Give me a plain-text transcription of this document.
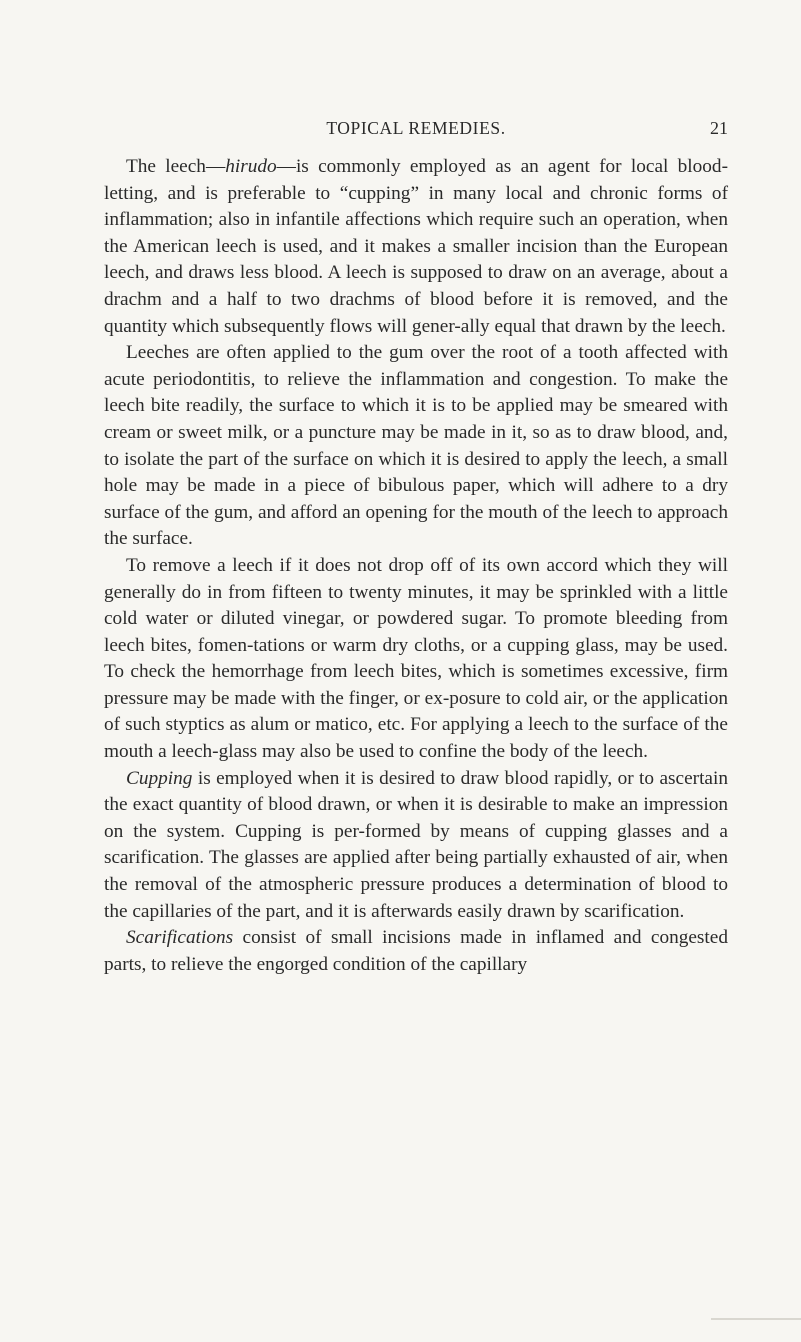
TOPICAL REMEDIES.	21

The leech—hirudo—is commonly employed as an agent for local blood-letting, and is preferable to “cupping” in many local and chronic forms of inflammation; also in infantile affections which require such an operation, when the American leech is used, and it makes a smaller incision than the European leech, and draws less blood. A leech is supposed to draw on an average, about a drachm and a half to two drachms of blood before it is removed, and the quantity which subsequently flows will gener-ally equal that drawn by the leech.

Leeches are often applied to the gum over the root of a tooth affected with acute periodontitis, to relieve the inflammation and congestion. To make the leech bite readily, the surface to which it is to be applied may be smeared with cream or sweet milk, or a puncture may be made in it, so as to draw blood, and, to isolate the part of the surface on which it is desired to apply the leech, a small hole may be made in a piece of bibulous paper, which will adhere to a dry surface of the gum, and afford an opening for the mouth of the leech to approach the surface.

To remove a leech if it does not drop off of its own accord which they will generally do in from fifteen to twenty minutes, it may be sprinkled with a little cold water or diluted vinegar, or powdered sugar. To promote bleeding from leech bites, fomen-tations or warm dry cloths, or a cupping glass, may be used. To check the hemorrhage from leech bites, which is sometimes excessive, firm pressure may be made with the finger, or ex-posure to cold air, or the application of such styptics as alum or matico, etc. For applying a leech to the surface of the mouth a leech-glass may also be used to confine the body of the leech.

Cupping is employed when it is desired to draw blood rapidly, or to ascertain the exact quantity of blood drawn, or when it is desirable to make an impression on the system. Cupping is per-formed by means of cupping glasses and a scarification. The glasses are applied after being partially exhausted of air, when the removal of the atmospheric pressure produces a determination of blood to the capillaries of the part, and it is afterwards easily drawn by scarification.

Scarifications consist of small incisions made in inflamed and congested parts, to relieve the engorged condition of the capillary
